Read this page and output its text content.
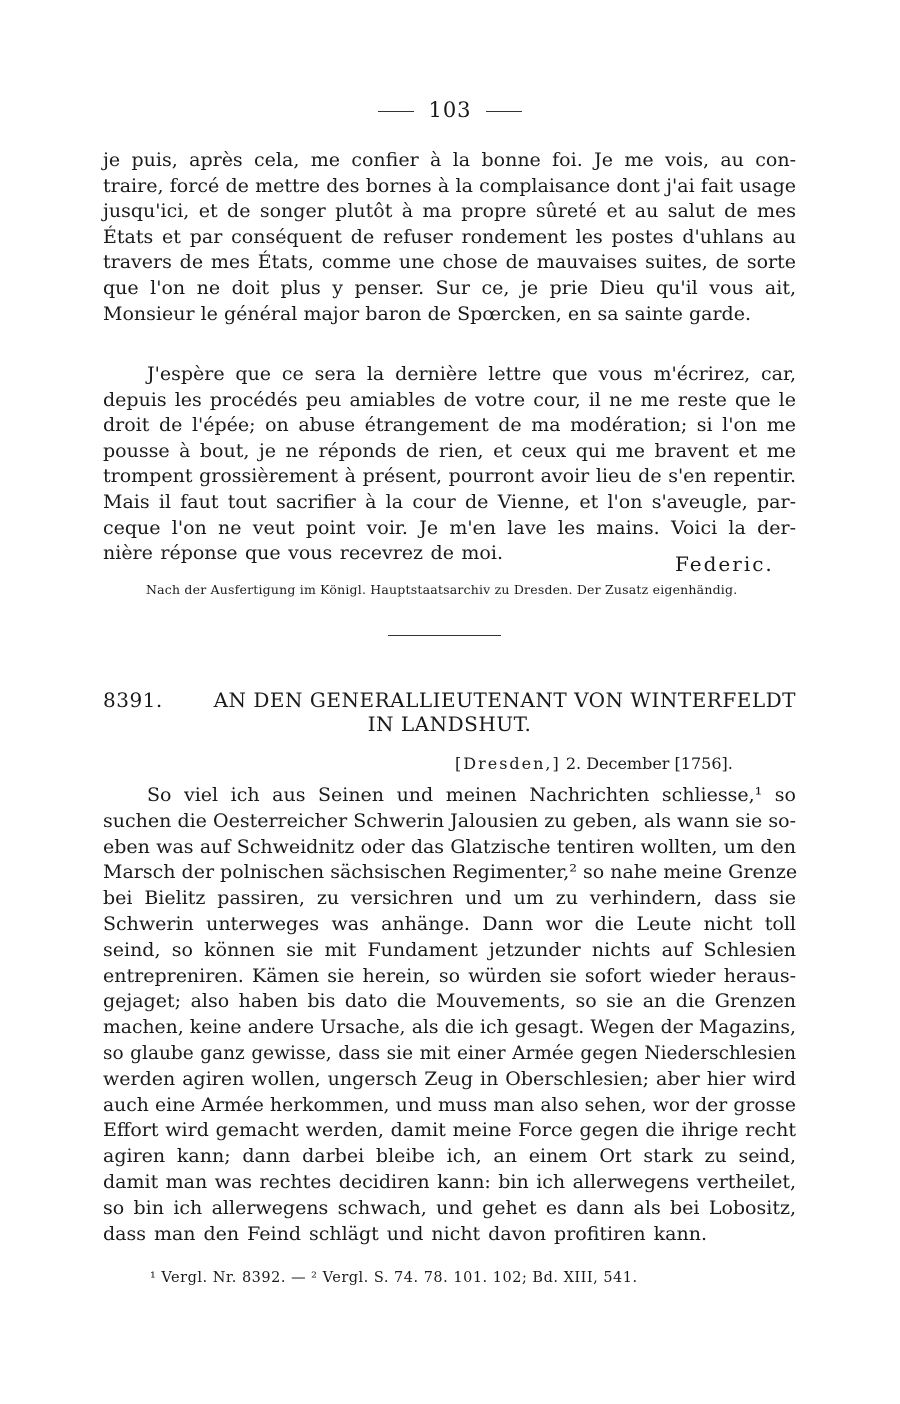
103
je puis, après cela, me confier à la bonne foi. Je me vois, au con-
traire, forcé de mettre des bornes à la complaisance dont j'ai fait usage
jusqu'ici, et de songer plutôt à ma propre sûreté et au salut de mes
États et par conséquent de refuser rondement les postes d'uhlans au
travers de mes États, comme une chose de mauvaises suites, de sorte
que l'on ne doit plus y penser. Sur ce, je prie Dieu qu'il vous ait,
Monsieur le général major baron de Spœrcken, en sa sainte garde.
J'espère que ce sera la dernière lettre que vous m'écrirez, car,
depuis les procédés peu amiables de votre cour, il ne me reste que le
droit de l'épée; on abuse étrangement de ma modération; si l'on me
pousse à bout, je ne réponds de rien, et ceux qui me bravent et me
trompent grossièrement à présent, pourront avoir lieu de s'en repentir.
Mais il faut tout sacrifier à la cour de Vienne, et l'on s'aveugle, par-
ceque l'on ne veut point voir. Je m'en lave les mains. Voici la der-
nière réponse que vous recevrez de moi.	Federic.
Nach der Ausfertigung im Königl. Hauptstaatsarchiv zu Dresden. Der Zusatz eigenhändig.
8391.	AN DEN GENERALLIEUTENANT VON WINTERFELDT
IN LANDSHUT.
[Dresden,] 2. December [1756].
So viel ich aus Seinen und meinen Nachrichten schliesse,¹ so
suchen die Oesterreicher Schwerin Jalousien zu geben, als wann sie so-
eben was auf Schweidnitz oder das Glatzische tentiren wollten, um den
Marsch der polnischen sächsischen Regimenter,² so nahe meine Grenze
bei Bielitz passiren, zu versichren und um zu verhindern, dass sie
Schwerin unterweges was anhänge. Dann wor die Leute nicht toll
seind, so können sie mit Fundament jetzunder nichts auf Schlesien
entrepreniren. Kämen sie herein, so würden sie sofort wieder heraus-
gejaget; also haben bis dato die Mouvements, so sie an die Grenzen
machen, keine andere Ursache, als die ich gesagt. Wegen der Magazins,
so glaube ganz gewisse, dass sie mit einer Armée gegen Niederschlesien
werden agiren wollen, ungersch Zeug in Oberschlesien; aber hier wird
auch eine Armée herkommen, und muss man also sehen, wor der grosse
Effort wird gemacht werden, damit meine Force gegen die ihrige recht
agiren kann; dann darbei bleibe ich, an einem Ort stark zu seind,
damit man was rechtes decidiren kann: bin ich allerwegens vertheilet,
so bin ich allerwegens schwach, und gehet es dann als bei Lobositz,
dass man den Feind schlägt und nicht davon profitiren kann.
¹ Vergl. Nr. 8392. — ² Vergl. S. 74. 78. 101. 102; Bd. XIII, 541.
